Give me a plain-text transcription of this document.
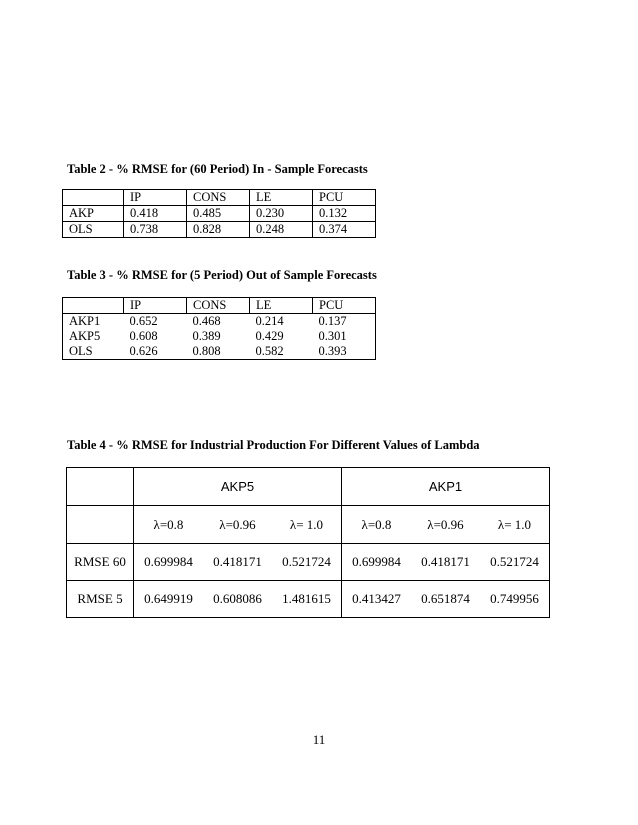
Table 2 - % RMSE for (60 Period) In - Sample Forecasts
	IP	CONS	LE	PCU
AKP	0.418	0.485	0.230	0.132
OLS	0.738	0.828	0.248	0.374
Table 3 - % RMSE for (5 Period) Out of Sample Forecasts
	IP	CONS	LE	PCU
AKP1	0.652	0.468	0.214	0.137
AKP5	0.608	0.389	0.429	0.301
OLS	0.626	0.808	0.582	0.393
Table 4 - % RMSE for Industrial Production For Different Values of Lambda
	AKP5			AKP1		
	λ=0.8	λ=0.96	λ= 1.0	λ=0.8	λ=0.96	λ= 1.0
RMSE 60	0.699984	0.418171	0.521724	0.699984	0.418171	0.521724
RMSE 5	0.649919	0.608086	1.481615	0.413427	0.651874	0.749956
11
